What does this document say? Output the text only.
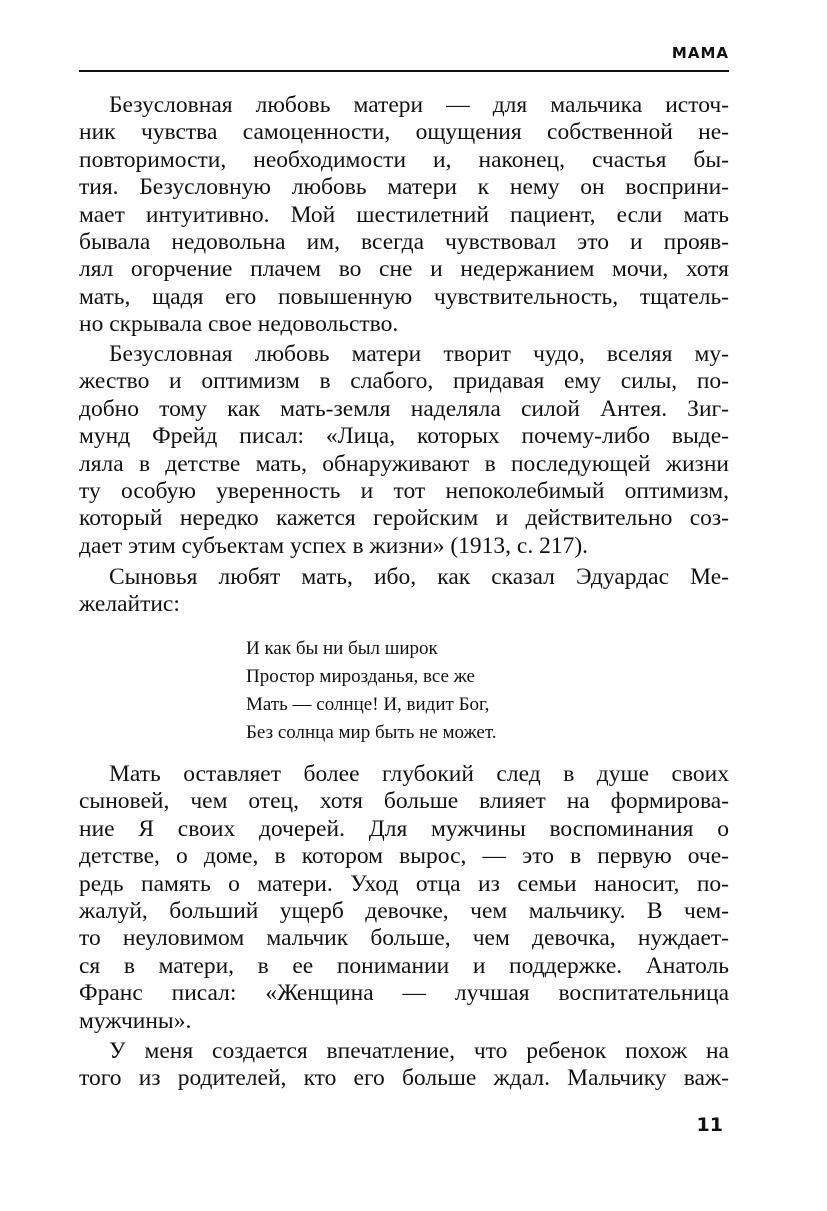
МАМА
Безусловная любовь матери — для мальчика источ-
ник чувства самоценности, ощущения собственной не-
повторимости, необходимости и, наконец, счастья бы-
тия. Безусловную любовь матери к нему он восприни-
мает интуитивно. Мой шестилетний пациент, если мать
бывала недовольна им, всегда чувствовал это и прояв-
лял огорчение плачем во сне и недержанием мочи, хотя
мать, щадя его повышенную чувствительность, тщатель-
но скрывала свое недовольство.
Безусловная любовь матери творит чудо, вселяя му-
жество и оптимизм в слабого, придавая ему силы, по-
добно тому как мать-земля наделяла силой Антея. Зиг-
мунд Фрейд писал: «Лица, которых почему-либо выде-
ляла в детстве мать, обнаруживают в последующей жизни
ту особую уверенность и тот непоколебимый оптимизм,
который нередко кажется геройским и действительно соз-
дает этим субъектам успех в жизни» (1913, с. 217).
Сыновья любят мать, ибо, как сказал Эдуардас Ме-
желайтис:
И как бы ни был широк
Простор мирозданья, все же
Мать — солнце! И, видит Бог,
Без солнца мир быть не может.
Мать оставляет более глубокий след в душе своих
сыновей, чем отец, хотя больше влияет на формирова-
ние Я своих дочерей. Для мужчины воспоминания о
детстве, о доме, в котором вырос, — это в первую оче-
редь память о матери. Уход отца из семьи наносит, по-
жалуй, больший ущерб девочке, чем мальчику. В чем-
то неуловимом мальчик больше, чем девочка, нуждает-
ся в матери, в ее понимании и поддержке. Анатоль
Франс писал: «Женщина — лучшая воспитательница
мужчины».
У меня создается впечатление, что ребенок похож на
того из родителей, кто его больше ждал. Мальчику важ-
11
